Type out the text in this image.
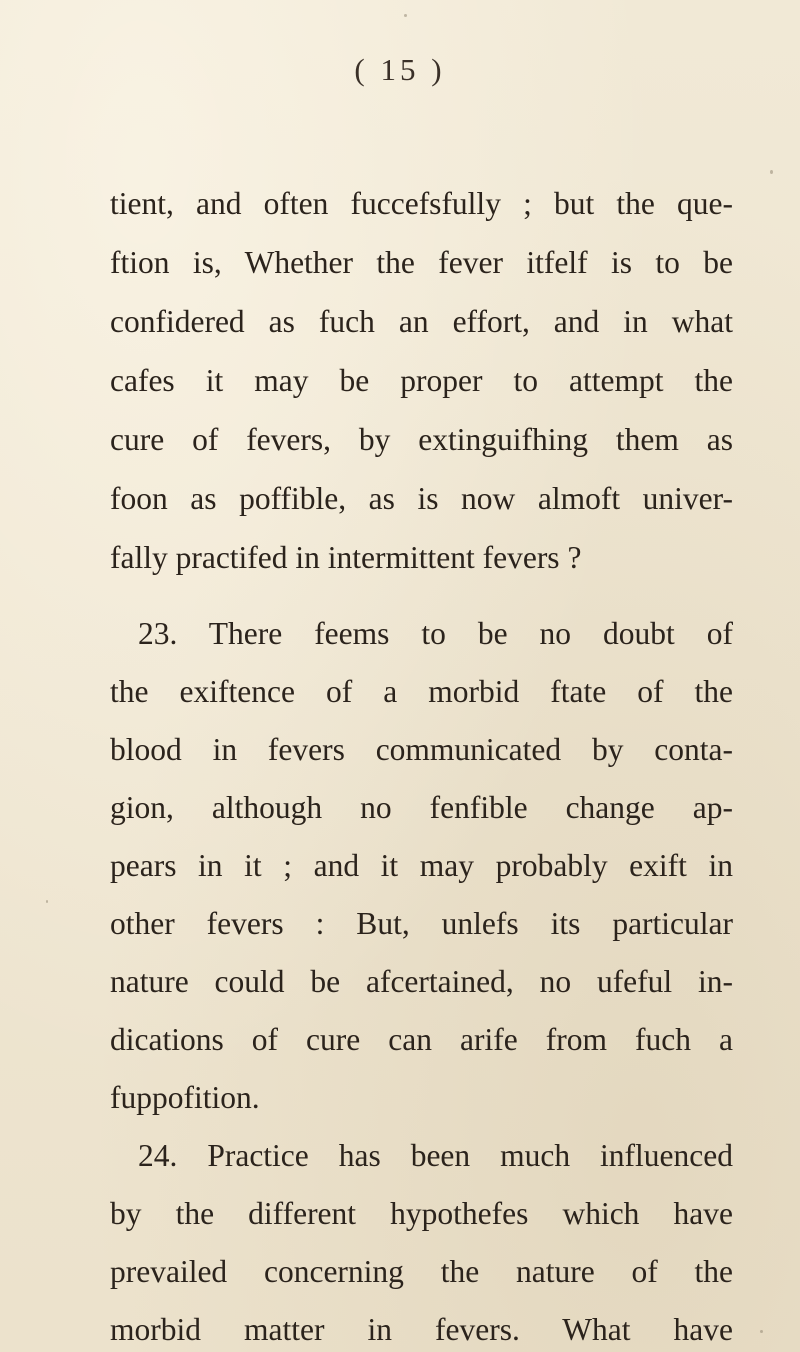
( 15 )
tient, and often fuccefsfully ; but the que-
ftion is, Whether the fever itfelf is to be
confidered as fuch an effort, and in what
cafes it may be proper to attempt the
cure of fevers, by extinguifhing them as
foon as poffible, as is now almoft univer-
fally practifed in intermittent fevers ?
23. There feems to be no doubt of
the exiftence of a morbid ftate of the
blood in fevers communicated by conta-
gion, although no fenfible change ap-
pears in it ; and it may probably exift in
other fevers : But, unlefs its particular
nature could be afcertained, no ufeful in-
dications of cure can arife from fuch a
fuppofition.
24. Practice has been much influenced
by the different hypothefes which have
prevailed concerning the nature of the
morbid matter in fevers. What have
